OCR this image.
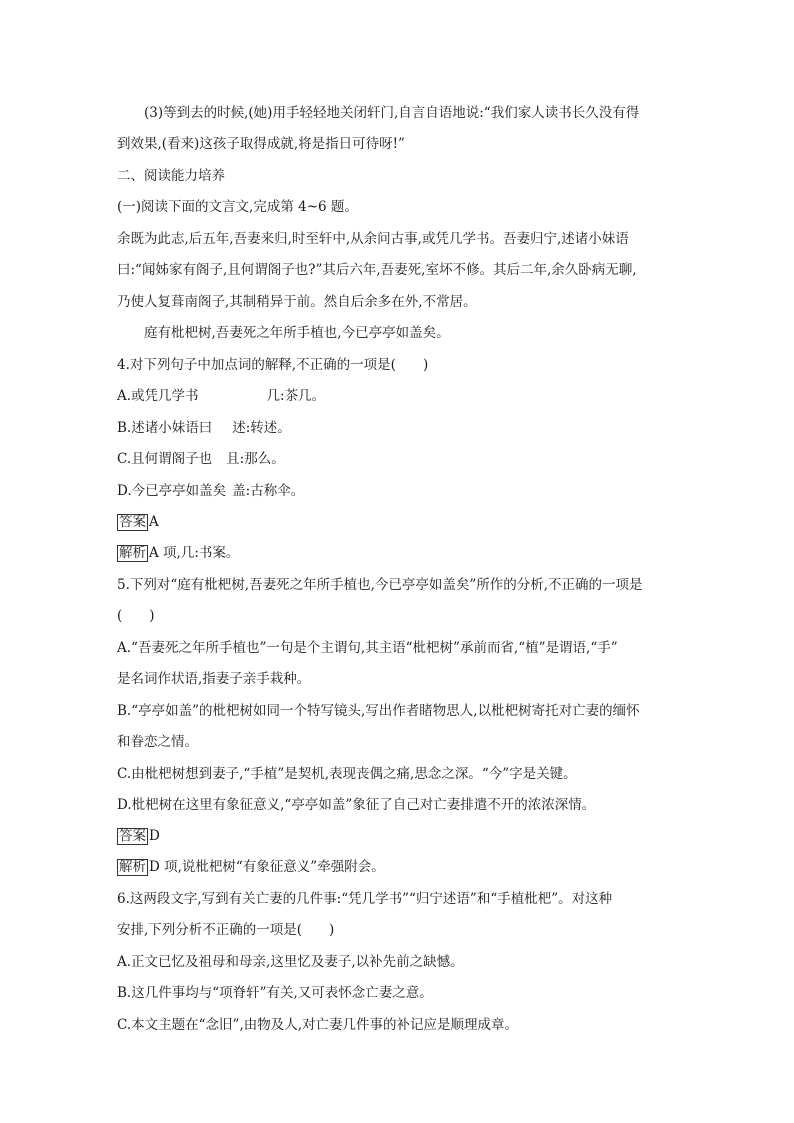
(3)等到去的时候,(她)用手轻轻地关闭轩门,自言自语地说:“我们家人读书长久没有得
到效果,(看来)这孩子取得成就,将是指日可待呀!”
二、阅读能力培养
(一)阅读下面的文言文,完成第 4~6 题。
余既为此志,后五年,吾妻来归,时至轩中,从余问古事,或凭几学书。吾妻归宁,述诸小妹语
曰:“闻姊家有阁子,且何谓阁子也?”其后六年,吾妻死,室坏不修。其后二年,余久卧病无聊,
乃使人复葺南阁子,其制稍异于前。然自后余多在外,不常居。
庭有枇杷树,吾妻死之年所手植也,今已亭亭如盖矣。
4.对下列句子中加点词的解释,不正确的一项是(　　)
A.或凭几学书	几:茶几。
B.述诸小妹语曰 述:转述。
C.且何谓阁子也 且:那么。
D.今已亭亭如盖矣 盖:古称伞。
答案 A
解析 A 项,几:书案。
5.下列对“庭有枇杷树,吾妻死之年所手植也,今已亭亭如盖矣”所作的分析,不正确的一项是
(　　)
A.“吾妻死之年所手植也”一句是个主谓句,其主语“枇杷树”承前而省,“植”是谓语,“手”
是名词作状语,指妻子亲手栽种。
B.“亭亭如盖”的枇杷树如同一个特写镜头,写出作者睹物思人,以枇杷树寄托对亡妻的缅怀
和眷恋之情。
C.由枇杷树想到妻子,“手植”是契机,表现丧偶之痛,思念之深。“今”字是关键。
D.枇杷树在这里有象征意义,“亭亭如盖”象征了自己对亡妻排遣不开的浓浓深情。
答案 D
解析 D 项,说枇杷树“有象征意义”牵强附会。
6.这两段文字,写到有关亡妻的几件事:“凭几学书”“归宁述语”和“手植枇杷”。对这种
安排,下列分析不正确的一项是(　　)
A.正文已忆及祖母和母亲,这里忆及妻子,以补先前之缺憾。
B.这几件事均与“项脊轩”有关,又可表怀念亡妻之意。
C.本文主题在“念旧”,由物及人,对亡妻几件事的补记应是顺理成章。
